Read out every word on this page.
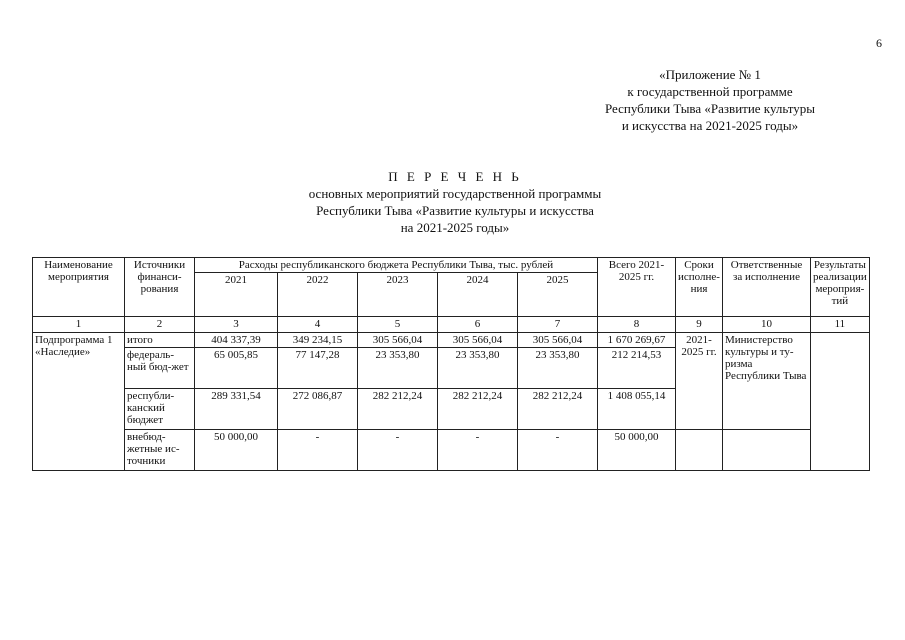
6
«Приложение № 1
к государственной программе
Республики Тыва «Развитие культуры
и искусства на 2021-2025 годы»
П Е Р Е Ч Е Н Ь
основных мероприятий государственной программы
Республики Тыва «Развитие культуры и искусства
на 2021-2025 годы»
Наименование мероприятия	Источники финанси-рования	Расходы республиканского бюджета Республики Тыва, тыс. рублей					Всего 2021-2025 гг.	Сроки исполне-ния	Ответственные за исполнение	Результаты реализации мероприя-тий
		2021	2022	2023	2024	2025				
1	2	3	4	5	6	7	8	9	10	11
Подпрограмма 1 «Наследие»	итого	404 337,39	349 234,15	305 566,04	305 566,04	305 566,04	1 670 269,67	2021-2025 гг.	Министерство культуры и ту-ризма Республики Тыва	
	федераль-ный бюд-жет	65 005,85	77 147,28	23 353,80	23 353,80	23 353,80	212 214,53			
	республи-канский бюджет	289 331,54	272 086,87	282 212,24	282 212,24	282 212,24	1 408 055,14			
	внебюд-жетные ис-точники	50 000,00	-	-	-	-	50 000,00			
